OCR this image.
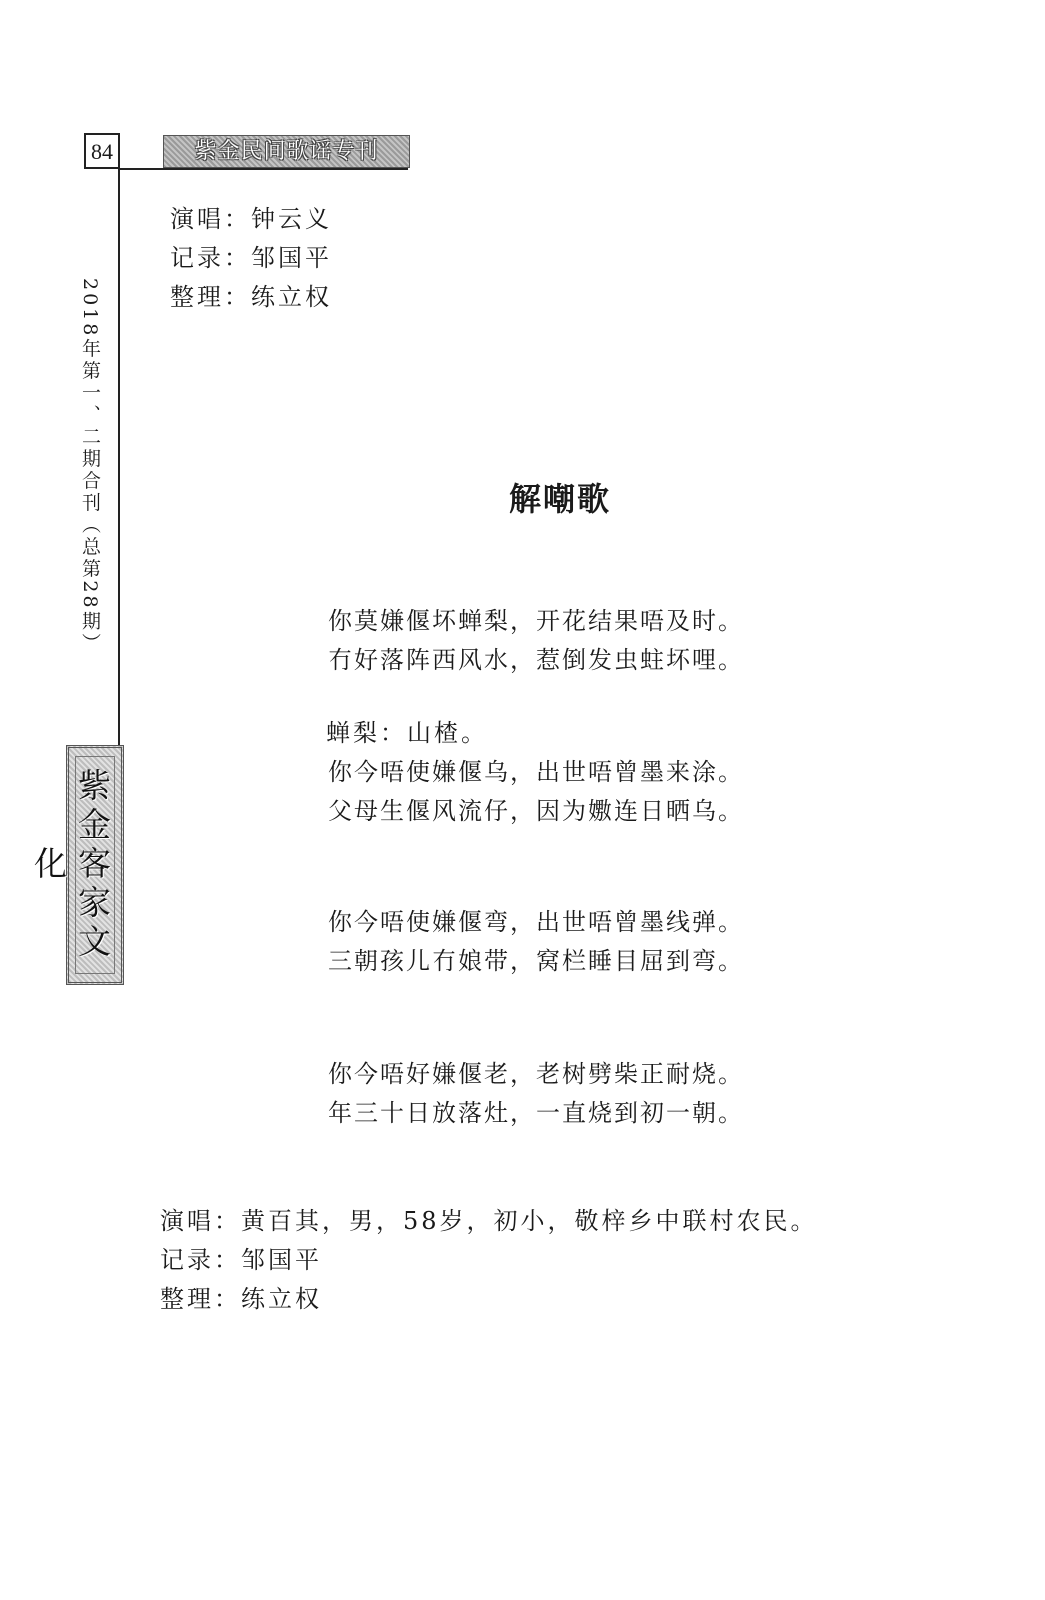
84	紫金民间歌谣专刊
2018年第一、二期合刊（总第28期）
紫金客家文化
演唱：钟云义
记录：邹国平
整理：练立权
解嘲歌
你莫嫌偃坏蝉梨，开花结果唔及时。
冇好落阵西风水，惹倒发虫蛀坏哩。
蝉梨：山楂。
你今唔使嫌偃乌，出世唔曾墨来涂。
父母生偃风流仔，因为嫐连日晒乌。
你今唔使嫌偃弯，出世唔曾墨线弹。
三朝孩儿冇娘带，窝栏睡目屈到弯。
你今唔好嫌偃老，老树劈柴正耐烧。
年三十日放落灶，一直烧到初一朝。
演唱：黄百其，男，58岁，初小，敬梓乡中联村农民。
记录：邹国平
整理：练立权
